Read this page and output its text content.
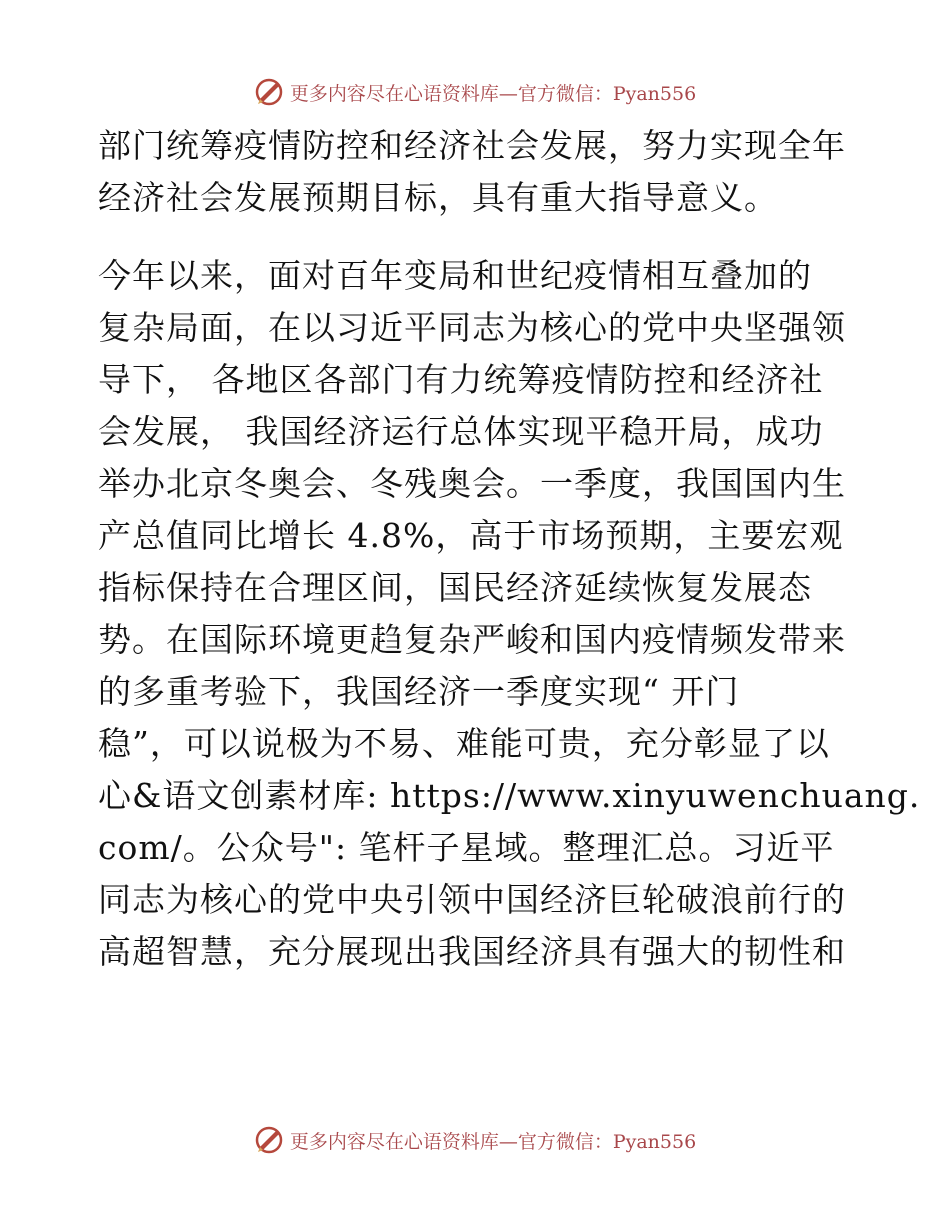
更多内容尽在心语资料库—官方微信：Pyan556
部门统筹疫情防控和经济社会发展，努力实现全年
经济社会发展预期目标，具有重大指导意义。
今年以来，面对百年变局和世纪疫情相互叠加的
复杂局面，在以习近平同志为核心的党中央坚强领
导下， 各地区各部门有力统筹疫情防控和经济社
会发展， 我国经济运行总体实现平稳开局，成功
举办北京冬奥会、冬残奥会。一季度，我国国内生
产总值同比增长 4.8%，高于市场预期，主要宏观
指标保持在合理区间，国民经济延续恢复发展态
势。在国际环境更趋复杂严峻和国内疫情频发带来
的多重考验下，我国经济一季度实现“ 开门
稳”，可以说极为不易、难能可贵，充分彰显了以
心&语文创素材库: https://www.xinyuwenchuang.
com/。公众号": 笔杆子星域。整理汇总。习近平
同志为核心的党中央引领中国经济巨轮破浪前行的
高超智慧，充分展现出我国经济具有强大的韧性和
更多内容尽在心语资料库—官方微信：Pyan556
